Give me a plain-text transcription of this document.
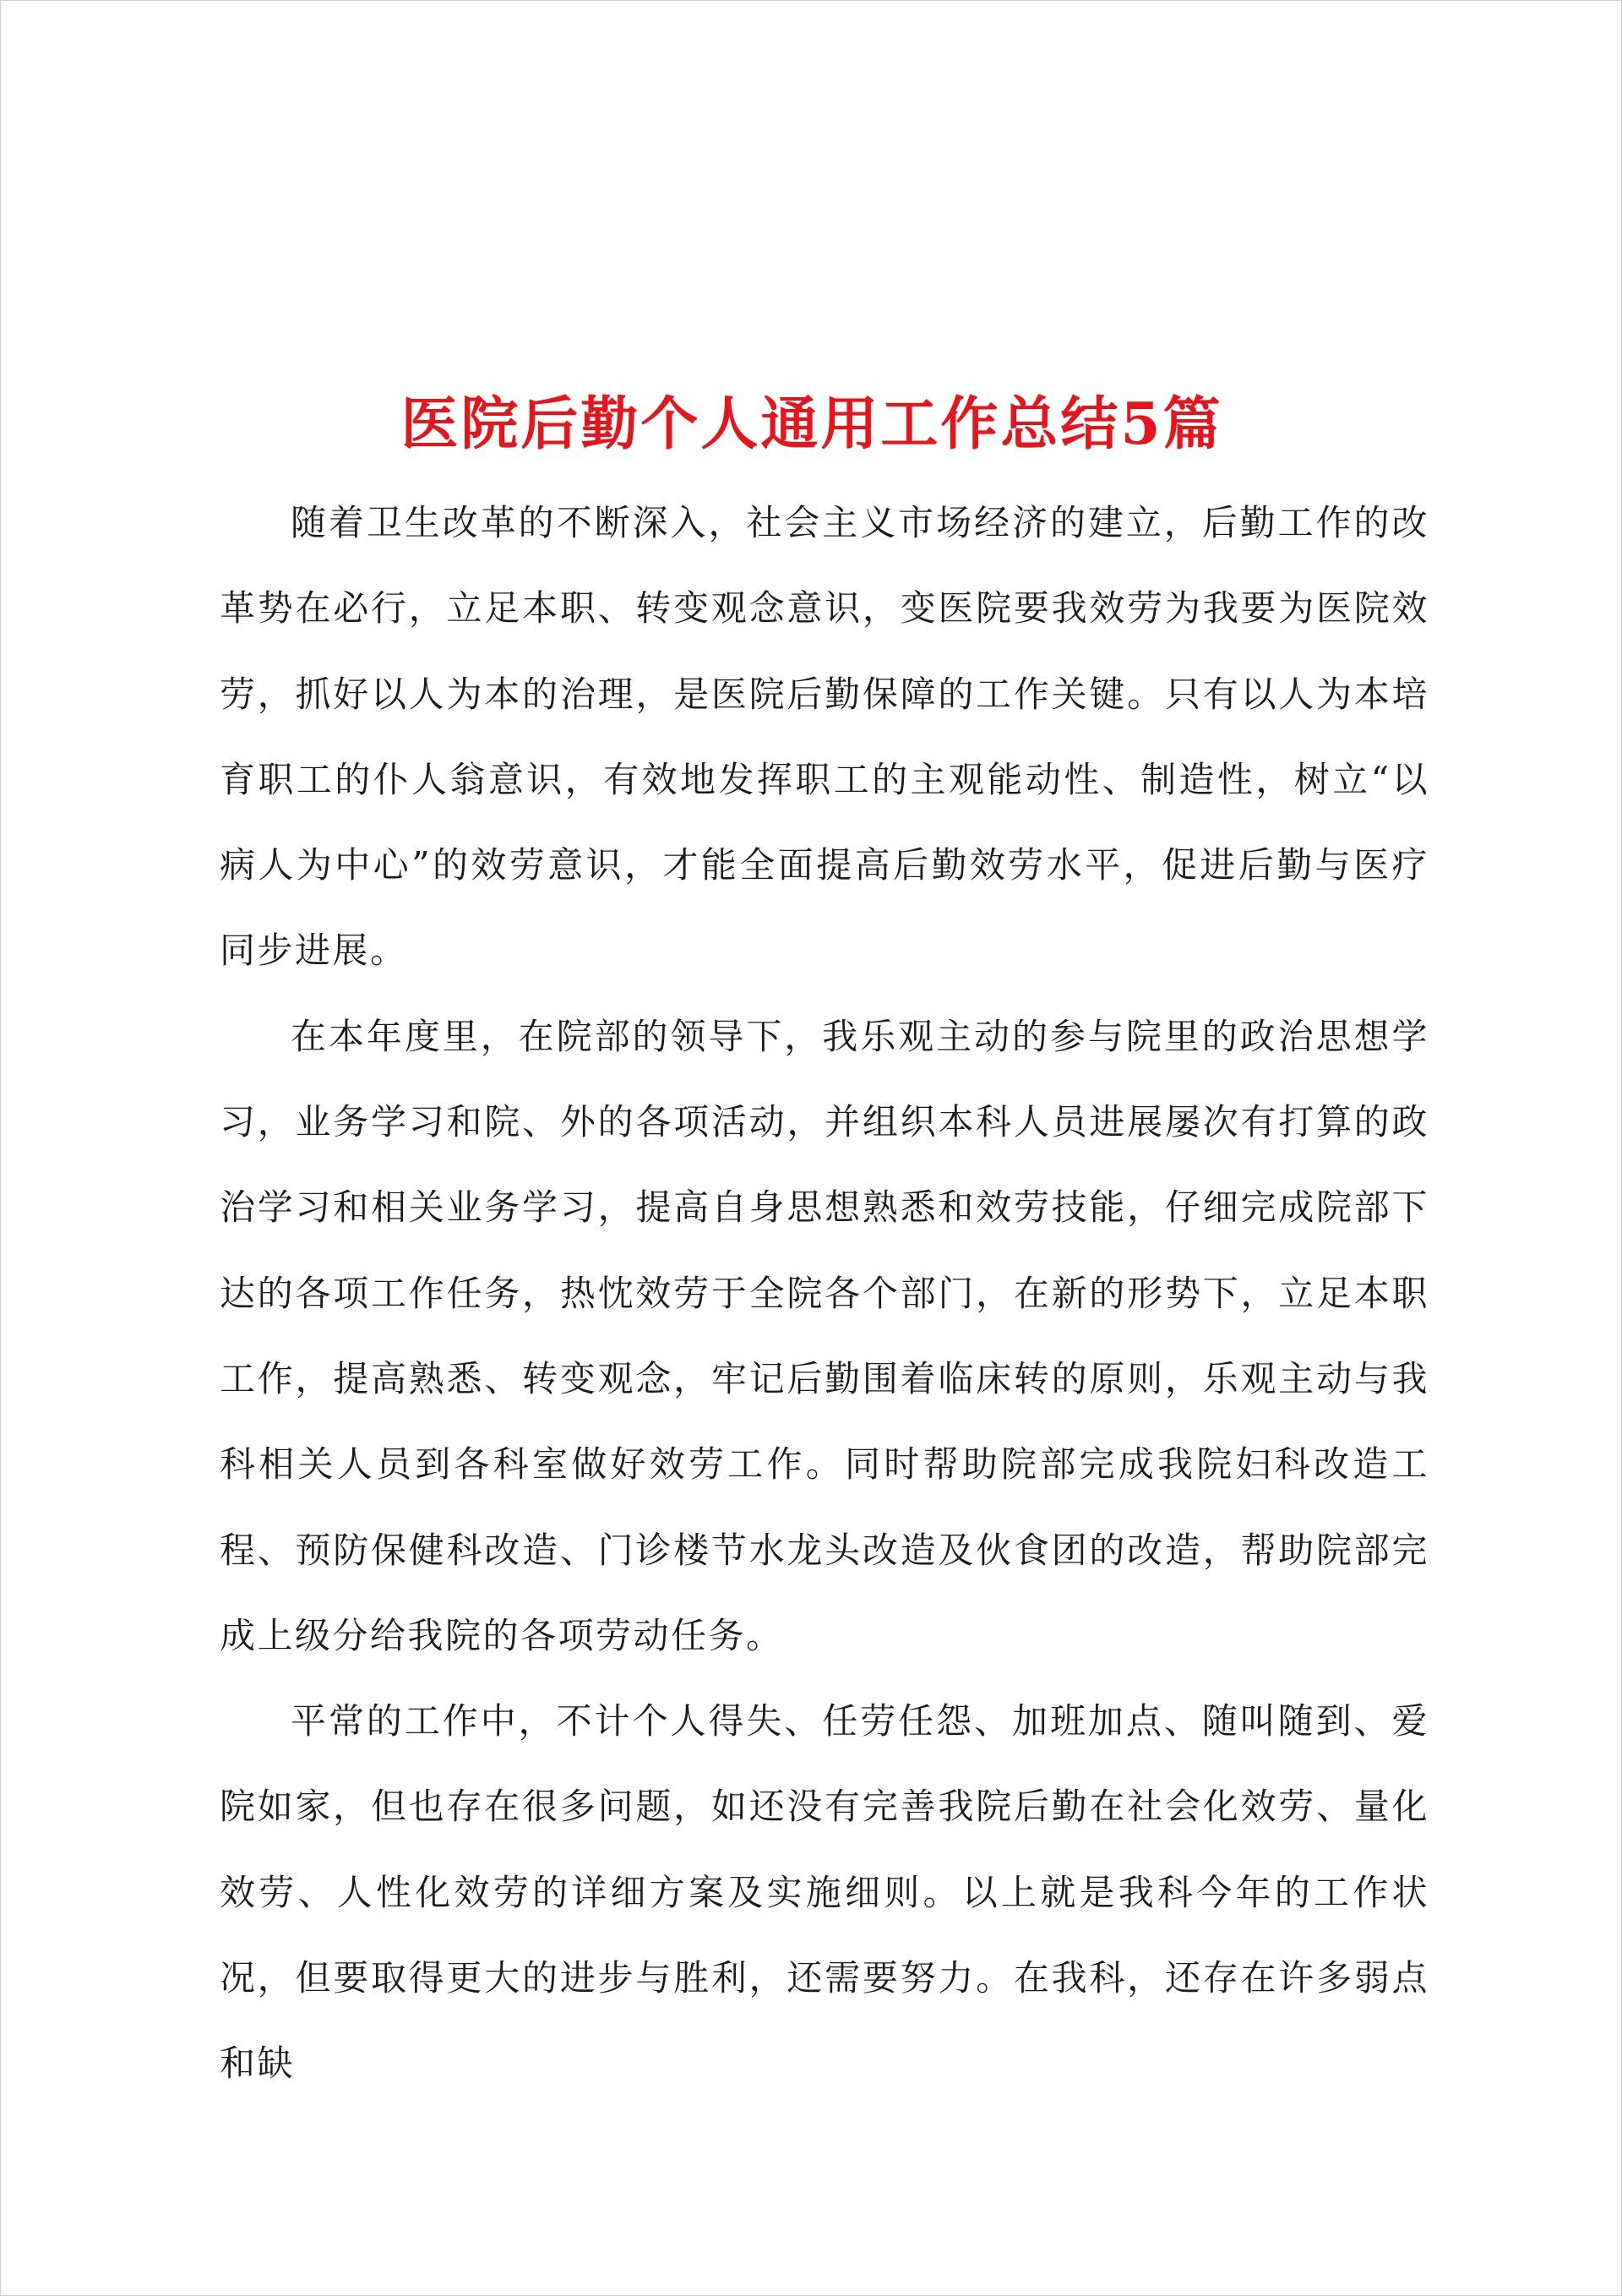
医院后勤个人通用工作总结5篇

随着卫生改革的不断深入，社会主义市场经济的建立，后勤工作的改革势在必行，立足本职、转变观念意识，变医院要我效劳为我要为医院效劳，抓好以人为本的治理，是医院后勤保障的工作关键。只有以人为本培育职工的仆人翁意识，有效地发挥职工的主观能动性、制造性，树立“以病人为中心”的效劳意识，才能全面提高后勤效劳水平，促进后勤与医疗同步进展。

在本年度里，在院部的领导下，我乐观主动的参与院里的政治思想学习，业务学习和院、外的各项活动，并组织本科人员进展屡次有打算的政治学习和相关业务学习，提高自身思想熟悉和效劳技能，仔细完成院部下达的各项工作任务，热忱效劳于全院各个部门，在新的形势下，立足本职工作，提高熟悉、转变观念，牢记后勤围着临床转的原则，乐观主动与我科相关人员到各科室做好效劳工作。同时帮助院部完成我院妇科改造工程、预防保健科改造、门诊楼节水龙头改造及伙食团的改造，帮助院部完成上级分给我院的各项劳动任务。

平常的工作中，不计个人得失、任劳任怨、加班加点、随叫随到、爱院如家，但也存在很多问题，如还没有完善我院后勤在社会化效劳、量化效劳、人性化效劳的详细方案及实施细则。以上就是我科今年的工作状况，但要取得更大的进步与胜利，还需要努力。在我科，还存在许多弱点和缺
